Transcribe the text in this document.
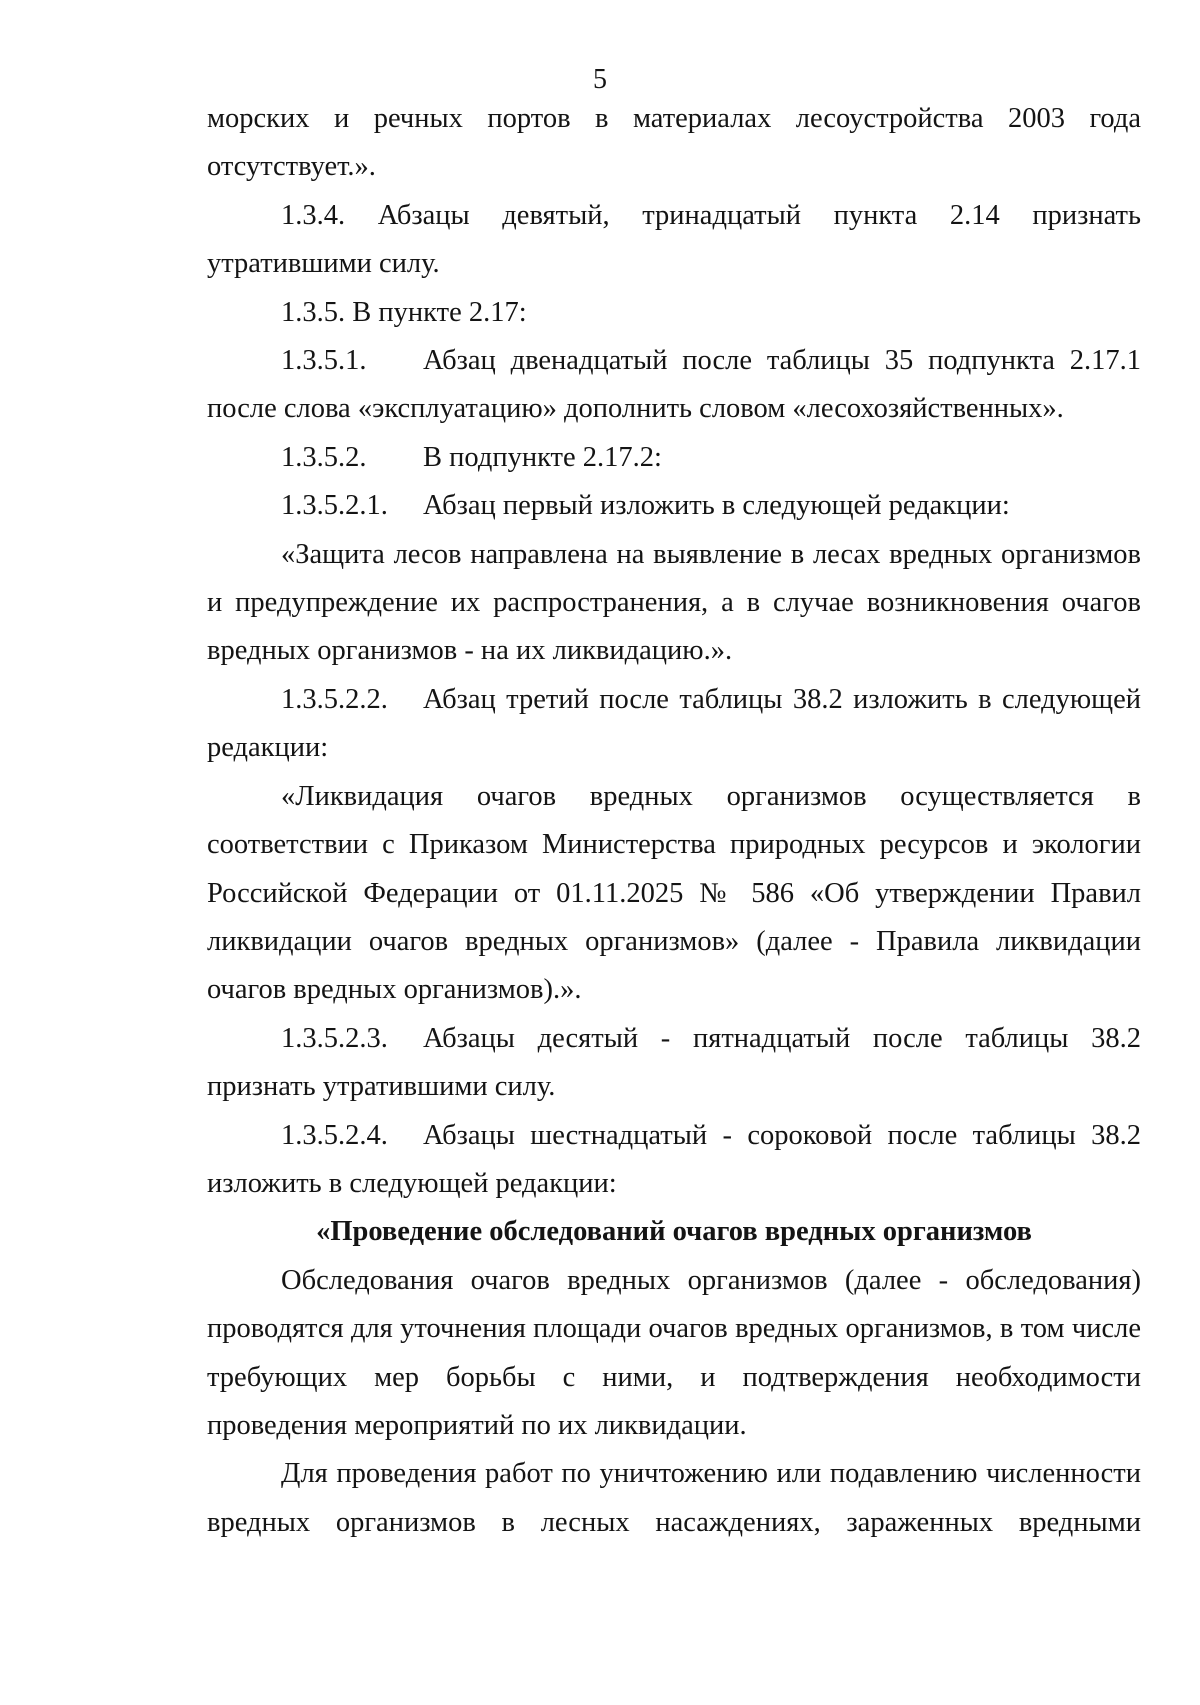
5

морских и речных портов в материалах лесоустройства 2003 года отсутствует.».

1.3.4. Абзацы девятый, тринадцатый пункта 2.14 признать утратившими силу.

1.3.5. В пункте 2.17:

1.3.5.1. Абзац двенадцатый после таблицы 35 подпункта 2.17.1 после слова «эксплуатацию» дополнить словом «лесохозяйственных».

1.3.5.2. В подпункте 2.17.2:

1.3.5.2.1. Абзац первый изложить в следующей редакции:

«Защита лесов направлена на выявление в лесах вредных организмов и предупреждение их распространения, а в случае возникновения очагов вредных организмов - на их ликвидацию.».

1.3.5.2.2. Абзац третий после таблицы 38.2 изложить в следующей редакции:

«Ликвидация очагов вредных организмов осуществляется в соответствии с Приказом Министерства природных ресурсов и экологии Российской Федерации от 01.11.2025 № 586 «Об утверждении Правил ликвидации очагов вредных организмов» (далее - Правила ликвидации очагов вредных организмов).».

1.3.5.2.3. Абзацы десятый - пятнадцатый после таблицы 38.2 признать утратившими силу.

1.3.5.2.4. Абзацы шестнадцатый - сороковой после таблицы 38.2 изложить в следующей редакции:

«Проведение обследований очагов вредных организмов

Обследования очагов вредных организмов (далее - обследования) проводятся для уточнения площади очагов вредных организмов, в том числе требующих мер борьбы с ними, и подтверждения необходимости проведения мероприятий по их ликвидации.

Для проведения работ по уничтожению или подавлению численности вредных организмов в лесных насаждениях, зараженных вредными
